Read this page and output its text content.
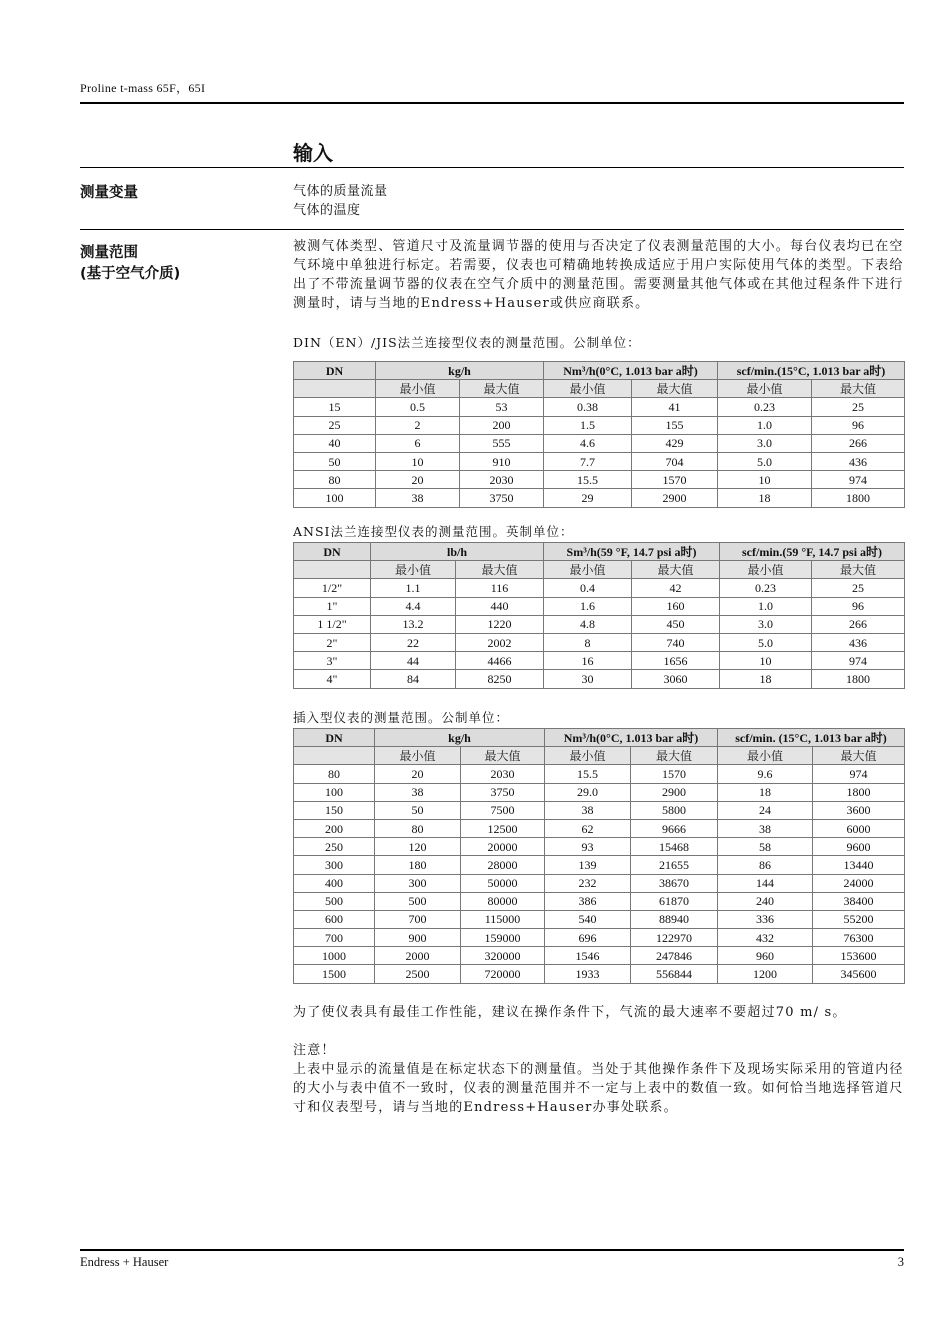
Proline t-mass 65F，65I
输入
测量变量	气体的质量流量
气体的温度
测量范围
(基于空气介质)
被测气体类型、管道尺寸及流量调节器的使用与否决定了仪表测量范围的大小。每台仪表均已在空气环境中单独进行标定。若需要，仪表也可精确地转换成适应于用户实际使用气体的类型。下表给出了不带流量调节器的仪表在空气介质中的测量范围。需要测量其他气体或在其他过程条件下进行测量时，请与当地的Endress+Hauser或供应商联系。
DIN（EN）/JIS法兰连接型仪表的测量范围。公制单位：
DN	kg/h		Nm³/h(0°C, 1.013 bar a时)		scf/min.(15°C, 1.013 bar a时)	
	最小值	最大值	最小值	最大值	最小值	最大值
15	0.5	53	0.38	41	0.23	25
25	2	200	1.5	155	1.0	96
40	6	555	4.6	429	3.0	266
50	10	910	7.7	704	5.0	436
80	20	2030	15.5	1570	10	974
100	38	3750	29	2900	18	1800
ANSI法兰连接型仪表的测量范围。英制单位：
DN	lb/h		Sm³/h(59 °F, 14.7 psi a时)		scf/min.(59 °F, 14.7 psi a时)	
	最小值	最大值	最小值	最大值	最小值	最大值
1/2"	1.1	116	0.4	42	0.23	25
1"	4.4	440	1.6	160	1.0	96
1 1/2"	13.2	1220	4.8	450	3.0	266
2"	22	2002	8	740	5.0	436
3"	44	4466	16	1656	10	974
4"	84	8250	30	3060	18	1800
插入型仪表的测量范围。公制单位：
DN	kg/h		Nm³/h(0°C, 1.013 bar a时)		scf/min. (15°C, 1.013 bar a时)	
	最小值	最大值	最小值	最大值	最小值	最大值
80	20	2030	15.5	1570	9.6	974
100	38	3750	29.0	2900	18	1800
150	50	7500	38	5800	24	3600
200	80	12500	62	9666	38	6000
250	120	20000	93	15468	58	9600
300	180	28000	139	21655	86	13440
400	300	50000	232	38670	144	24000
500	500	80000	386	61870	240	38400
600	700	115000	540	88940	336	55200
700	900	159000	696	122970	432	76300
1000	2000	320000	1546	247846	960	153600
1500	2500	720000	1933	556844	1200	345600
为了使仪表具有最佳工作性能，建议在操作条件下，气流的最大速率不要超过70 m/ s。
注意！
上表中显示的流量值是在标定状态下的测量值。当处于其他操作条件下及现场实际采用的管道内径的大小与表中值不一致时，仪表的测量范围并不一定与上表中的数值一致。如何恰当地选择管道尺寸和仪表型号，请与当地的Endress+Hauser办事处联系。
Endress + Hauser	3
